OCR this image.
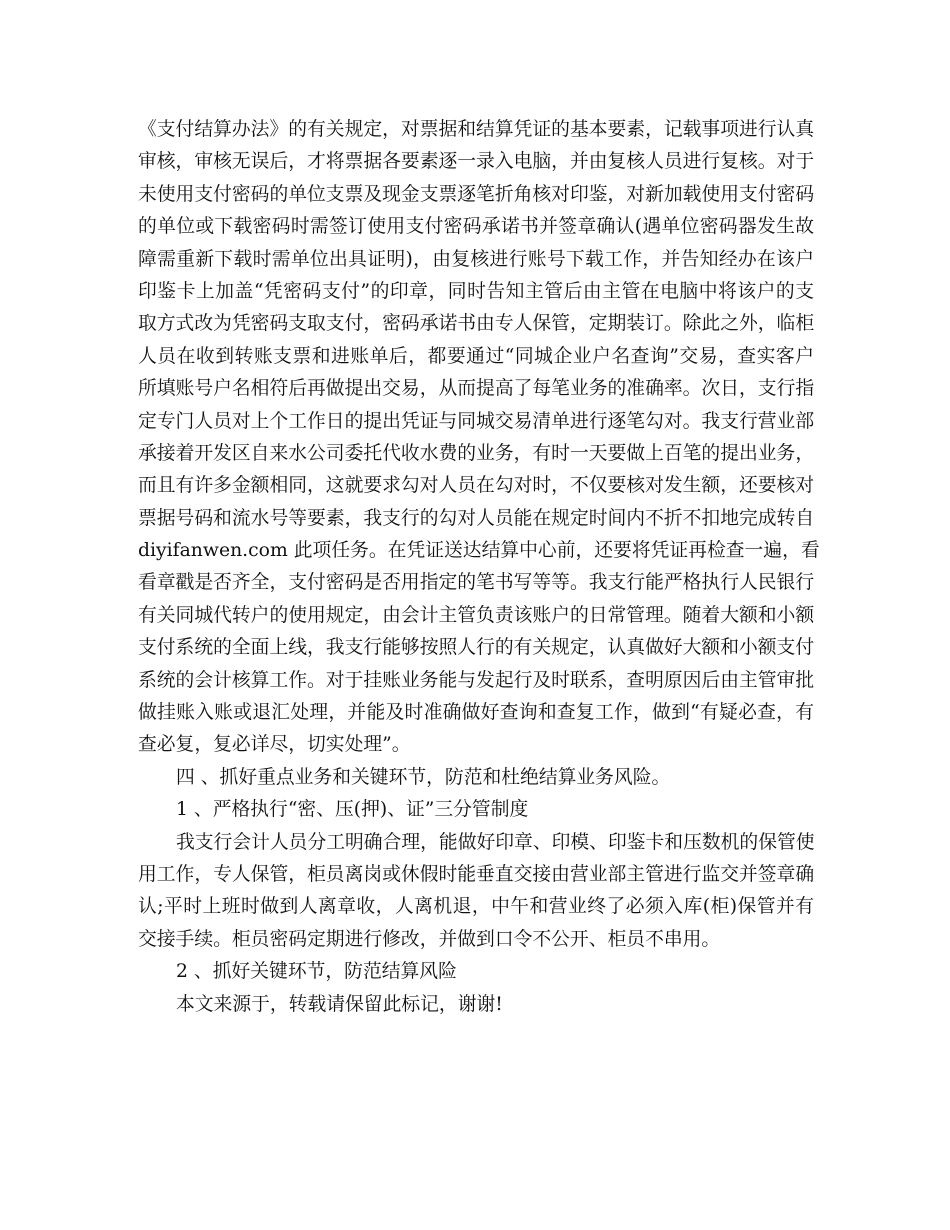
《支付结算办法》的有关规定，对票据和结算凭证的基本要素，记载事项进行认真
审核，审核无误后，才将票据各要素逐一录入电脑，并由复核人员进行复核。对于
未使用支付密码的单位支票及现金支票逐笔折角核对印鉴，对新加载使用支付密码
的单位或下载密码时需签订使用支付密码承诺书并签章确认(遇单位密码器发生故
障需重新下载时需单位出具证明)，由复核进行账号下载工作，并告知经办在该户
印鉴卡上加盖“凭密码支付”的印章，同时告知主管后由主管在电脑中将该户的支
取方式改为凭密码支取支付，密码承诺书由专人保管，定期装订。除此之外，临柜
人员在收到转账支票和进账单后，都要通过“同城企业户名查询”交易，查实客户
所填账号户名相符后再做提出交易，从而提高了每笔业务的准确率。次日，支行指
定专门人员对上个工作日的提出凭证与同城交易清单进行逐笔勾对。我支行营业部
承接着开发区自来水公司委托代收水费的业务，有时一天要做上百笔的提出业务，
而且有许多金额相同，这就要求勾对人员在勾对时，不仅要核对发生额，还要核对
票据号码和流水号等要素，我支行的勾对人员能在规定时间内不折不扣地完成转自
diyifanwen.com 此项任务。在凭证送达结算中心前，还要将凭证再检查一遍，看
看章戳是否齐全，支付密码是否用指定的笔书写等等。我支行能严格执行人民银行
有关同城代转户的使用规定，由会计主管负责该账户的日常管理。随着大额和小额
支付系统的全面上线，我支行能够按照人行的有关规定，认真做好大额和小额支付
系统的会计核算工作。对于挂账业务能与发起行及时联系，查明原因后由主管审批
做挂账入账或退汇处理，并能及时准确做好查询和查复工作，做到“有疑必查，有
查必复，复必详尽，切实处理”。
四 、抓好重点业务和关键环节，防范和杜绝结算业务风险。
1 、严格执行“密、压(押)、证”三分管制度
我支行会计人员分工明确合理，能做好印章、印模、印鉴卡和压数机的保管使
用工作，专人保管，柜员离岗或休假时能垂直交接由营业部主管进行监交并签章确
认;平时上班时做到人离章收，人离机退，中午和营业终了必须入库(柜)保管并有
交接手续。柜员密码定期进行修改，并做到口令不公开、柜员不串用。
2 、抓好关键环节，防范结算风险
本文来源于，转载请保留此标记，谢谢!
